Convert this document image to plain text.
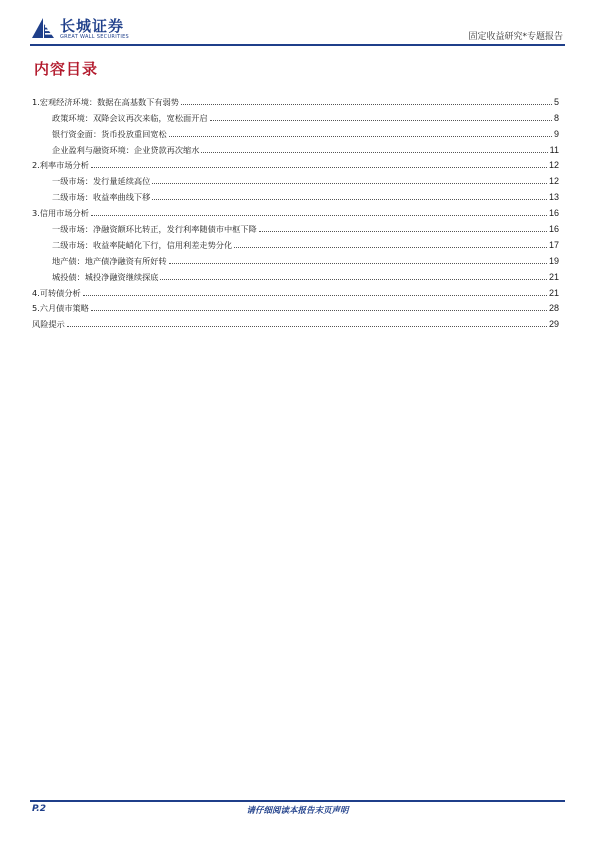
长城证券
GREAT WALL SECURITIES	固定收益研究*专题报告
内容目录
1.宏观经济环境：数据在高基数下有弱势	5
政策环境：双降会议再次来临，宽松面开启	8
银行资金面：货币投放重回宽松	9
企业盈利与融资环境：企业贷款再次缩水	11
2.利率市场分析	12
一级市场：发行量延续高位	12
二级市场：收益率曲线下移	13
3.信用市场分析	16
一级市场：净融资额环比转正，发行利率随债市中枢下降	16
二级市场：收益率陡峭化下行，信用利差走势分化	17
地产债：地产债净融资有所好转	19
城投债：城投净融资继续探底	21
4.可转债分析	21
5.六月债市策略	28
风险提示	29
P.2	请仔细阅读本报告末页声明
